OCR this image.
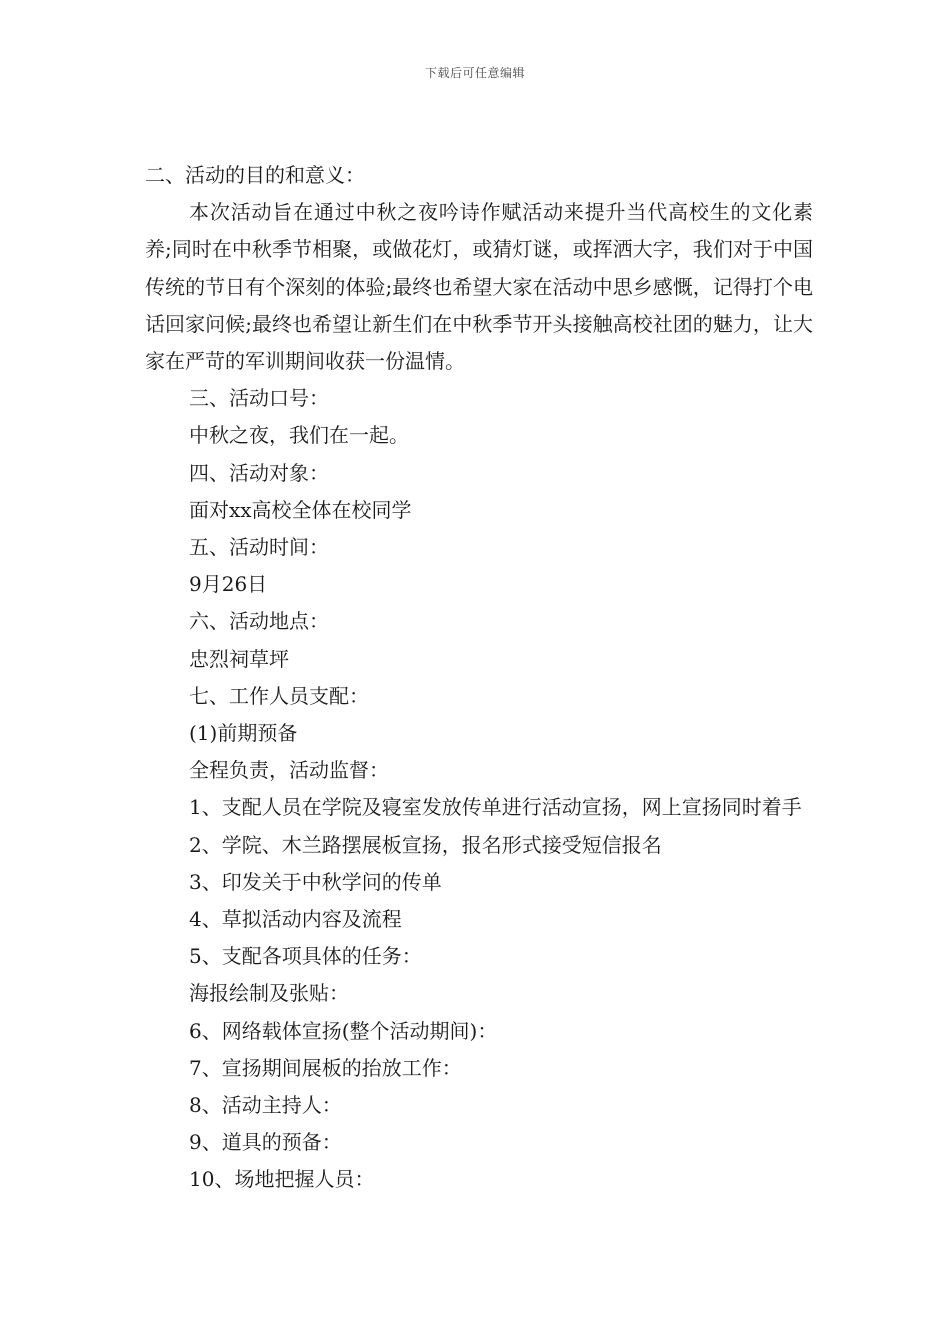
下载后可任意编辑

二、活动的目的和意义：

本次活动旨在通过中秋之夜吟诗作赋活动来提升当代高校生的文化素养;同时在中秋季节相聚，或做花灯，或猜灯谜，或挥洒大字，我们对于中国传统的节日有个深刻的体验;最终也希望大家在活动中思乡感慨，记得打个电话回家问候;最终也希望让新生们在中秋季节开头接触高校社团的魅力，让大家在严苛的军训期间收获一份温情。

三、活动口号：

中秋之夜，我们在一起。

四、活动对象：

面对xx高校全体在校同学

五、活动时间：

9月26日

六、活动地点：

忠烈祠草坪

七、工作人员支配：

(1)前期预备

全程负责，活动监督：

1、支配人员在学院及寝室发放传单进行活动宣扬，网上宣扬同时着手

2、学院、木兰路摆展板宣扬，报名形式接受短信报名

3、印发关于中秋学问的传单

4、草拟活动内容及流程

5、支配各项具体的任务：

海报绘制及张贴：

6、网络载体宣扬(整个活动期间)：

7、宣扬期间展板的抬放工作：

8、活动主持人：

9、道具的预备：

10、场地把握人员：
